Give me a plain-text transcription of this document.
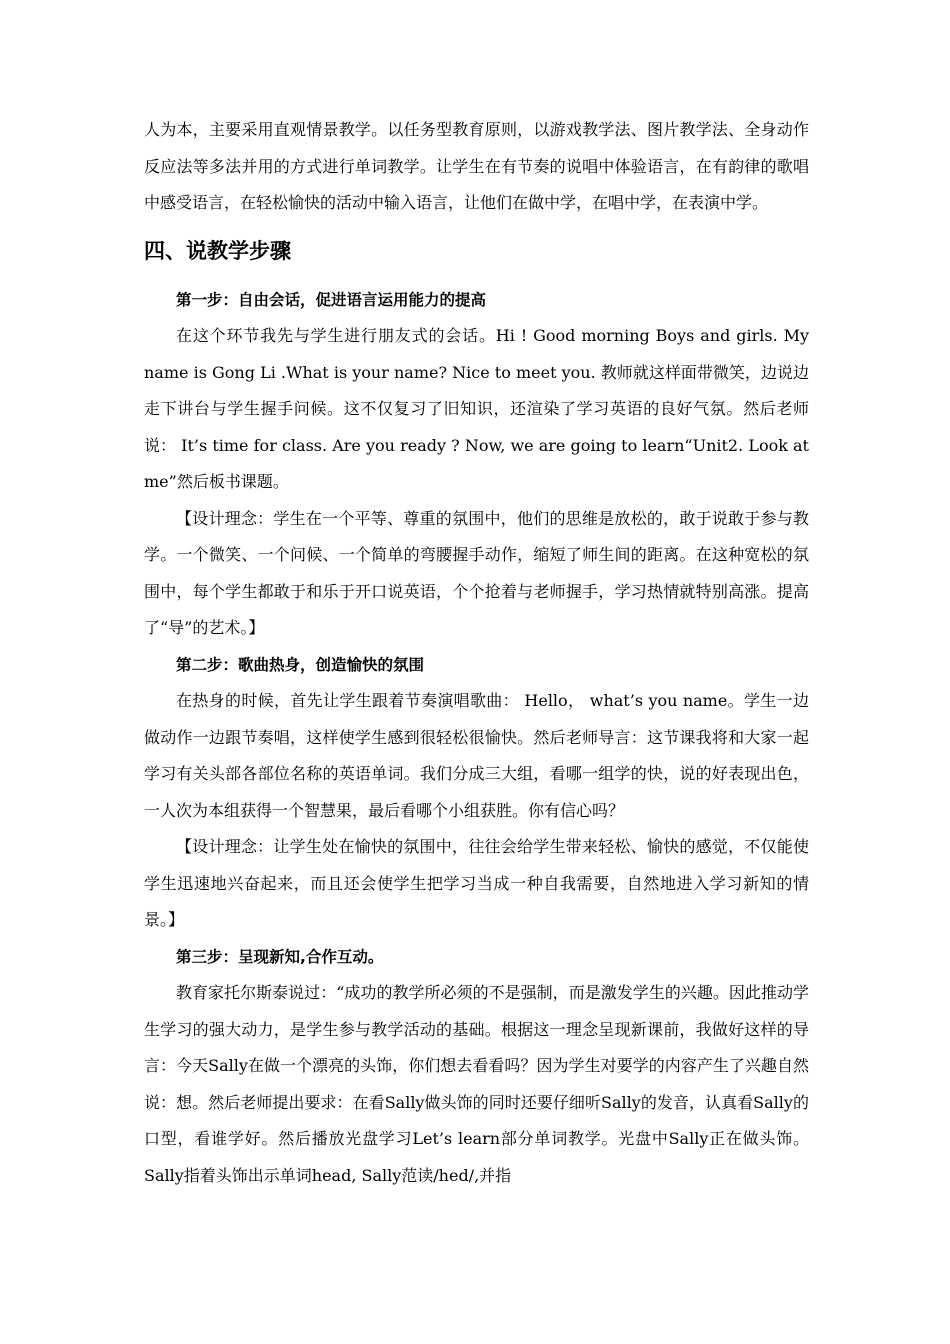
人为本，主要采用直观情景教学。以任务型教育原则，以游戏教学法、图片教学法、全身动作反应法等多法并用的方式进行单词教学。让学生在有节奏的说唱中体验语言，在有韵律的歌唱中感受语言，在轻松愉快的活动中输入语言，让他们在做中学，在唱中学，在表演中学。

四、说教学步骤

第一步：自由会话，促进语言运用能力的提高

在这个环节我先与学生进行朋友式的会话。Hi ! Good morning Boys and girls. My name is Gong Li .What is your name? Nice to meet you. 教师就这样面带微笑，边说边走下讲台与学生握手问候。这不仅复习了旧知识，还渲染了学习英语的良好气氛。然后老师说： It’s time for class. Are you ready ? Now, we are going to learn“Unit2. Look at me”然后板书课题。

【设计理念：学生在一个平等、尊重的氛围中，他们的思维是放松的，敢于说敢于参与教学。一个微笑、一个问候、一个简单的弯腰握手动作，缩短了师生间的距离。在这种宽松的氛围中，每个学生都敢于和乐于开口说英语，个个抢着与老师握手，学习热情就特别高涨。提高了“导”的艺术。】

第二步：歌曲热身，创造愉快的氛围

在热身的时候，首先让学生跟着节奏演唱歌曲： Hello， what’s you name。学生一边做动作一边跟节奏唱，这样使学生感到很轻松很愉快。然后老师导言：这节课我将和大家一起学习有关头部各部位名称的英语单词。我们分成三大组，看哪一组学的快，说的好表现出色，一人次为本组获得一个智慧果，最后看哪个小组获胜。你有信心吗？

【设计理念：让学生处在愉快的氛围中，往往会给学生带来轻松、愉快的感觉，不仅能使学生迅速地兴奋起来，而且还会使学生把学习当成一种自我需要，自然地进入学习新知的情景。】

第三步：呈现新知,合作互动。

教育家托尔斯泰说过：“成功的教学所必须的不是强制，而是激发学生的兴趣。因此推动学生学习的强大动力，是学生参与教学活动的基础。根据这一理念呈现新课前，我做好这样的导言：今天Sally在做一个漂亮的头饰，你们想去看看吗？因为学生对要学的内容产生了兴趣自然说：想。然后老师提出要求：在看Sally做头饰的同时还要仔细听Sally的发音，认真看Sally的口型，看谁学好。然后播放光盘学习Let’s learn部分单词教学。光盘中Sally正在做头饰。Sally指着头饰出示单词head, Sally范读/hed/,并指
